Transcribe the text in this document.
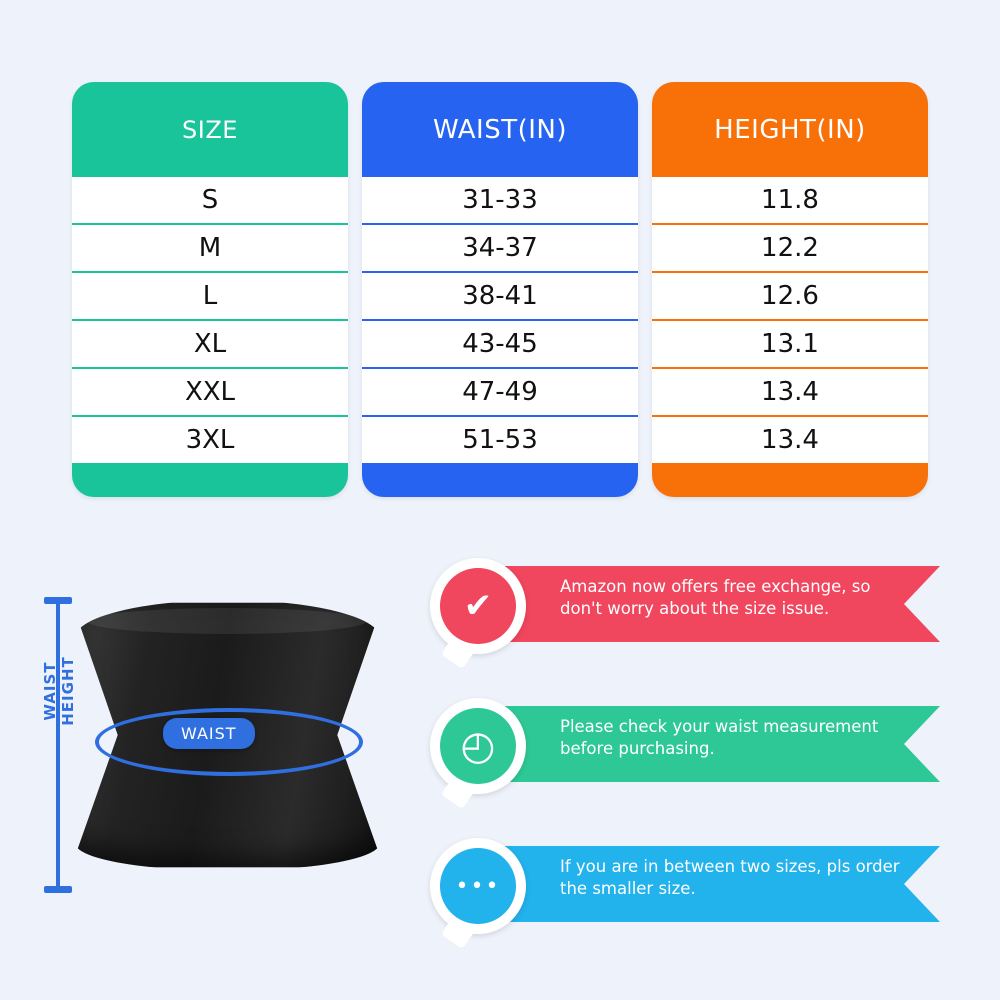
SIZE
S
M
L
XL
XXL
3XL
WAIST(IN)
31-33
34-37
38-41
43-45
47-49
51-53
HEIGHT(IN)
11.8
12.2
12.6
13.1
13.4
13.4
WAIST HEIGHT
WAIST
✔	Amazon now offers free exchange, so don't worry about the size issue.
◴	Please check your waist measurement before purchasing.
•••
If you are in between two sizes, pls order the smaller size.
